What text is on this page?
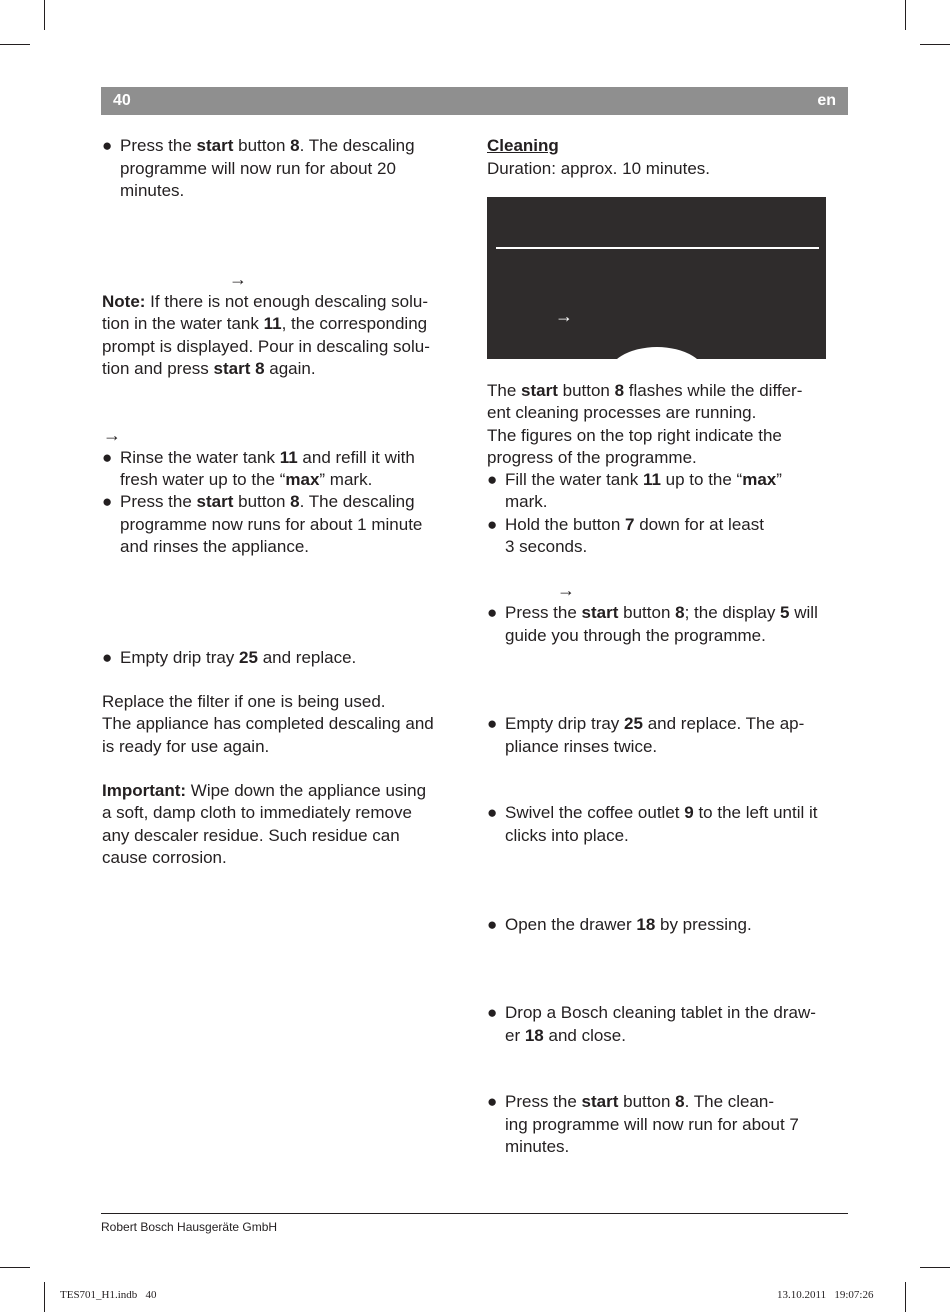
40	en
● Press the start button 8. The descaling
programme will now run for about 20
minutes.
→
Note: If there is not enough descaling solu-
tion in the water tank 11, the corresponding
prompt is displayed. Pour in descaling solu-
tion and press start 8 again.
→
● Rinse the water tank 11 and refill it with
fresh water up to the “max” mark.
● Press the start button 8. The descaling
programme now runs for about 1 minute
and rinses the appliance.
● Empty drip tray 25 and replace.
Replace the filter if one is being used.
The appliance has completed descaling and
is ready for use again.
Important: Wipe down the appliance using
a soft, damp cloth to immediately remove
any descaler residue. Such residue can
cause corrosion.
Cleaning
Duration: approx. 10 minutes.
→
The start button 8 flashes while the differ-
ent cleaning processes are running.
The figures on the top right indicate the
progress of the programme.
● Fill the water tank 11 up to the “max”
mark.
● Hold the button 7 down for at least
3 seconds.
→
● Press the start button 8; the display 5 will
guide you through the programme.
● Empty drip tray 25 and replace. The ap-
pliance rinses twice.
● Swivel the coffee outlet 9 to the left until it
clicks into place.
● Open the drawer 18 by pressing.
● Drop a Bosch cleaning tablet in the draw-
er 18 and close.
● Press the start button 8. The clean-
ing programme will now run for about 7
minutes.
Robert Bosch Hausgeräte GmbH
TES701_H1.indb   40	13.10.2011   19:07:26
